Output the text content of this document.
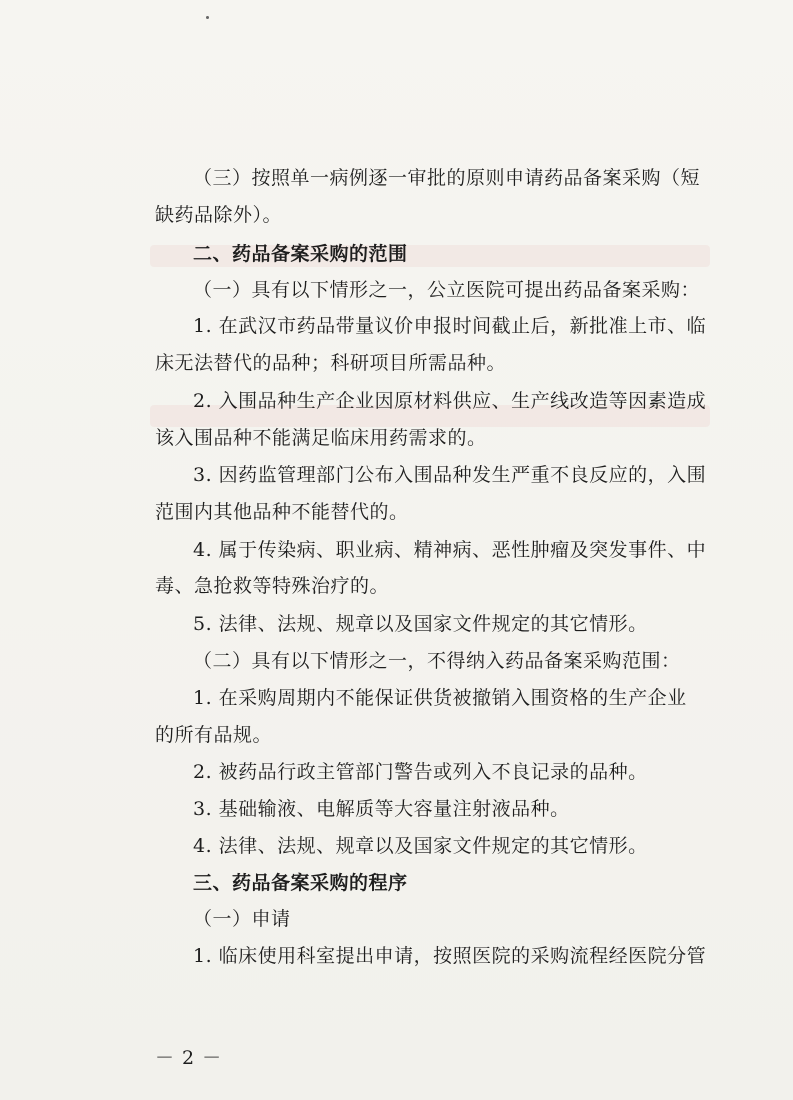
（三）按照单一病例逐一审批的原则申请药品备案采购（短
缺药品除外）。
二、药品备案采购的范围
（一）具有以下情形之一，公立医院可提出药品备案采购：
1. 在武汉市药品带量议价申报时间截止后，新批准上市、临
床无法替代的品种；科研项目所需品种。
2. 入围品种生产企业因原材料供应、生产线改造等因素造成
该入围品种不能满足临床用药需求的。
3. 因药监管理部门公布入围品种发生严重不良反应的，入围
范围内其他品种不能替代的。
4. 属于传染病、职业病、精神病、恶性肿瘤及突发事件、中
毒、急抢救等特殊治疗的。
5. 法律、法规、规章以及国家文件规定的其它情形。
（二）具有以下情形之一，不得纳入药品备案采购范围：
1. 在采购周期内不能保证供货被撤销入围资格的生产企业
的所有品规。
2. 被药品行政主管部门警告或列入不良记录的品种。
3. 基础输液、电解质等大容量注射液品种。
4. 法律、法规、规章以及国家文件规定的其它情形。
三、药品备案采购的程序
（一）申请
1. 临床使用科室提出申请，按照医院的采购流程经医院分管
－ 2 －
